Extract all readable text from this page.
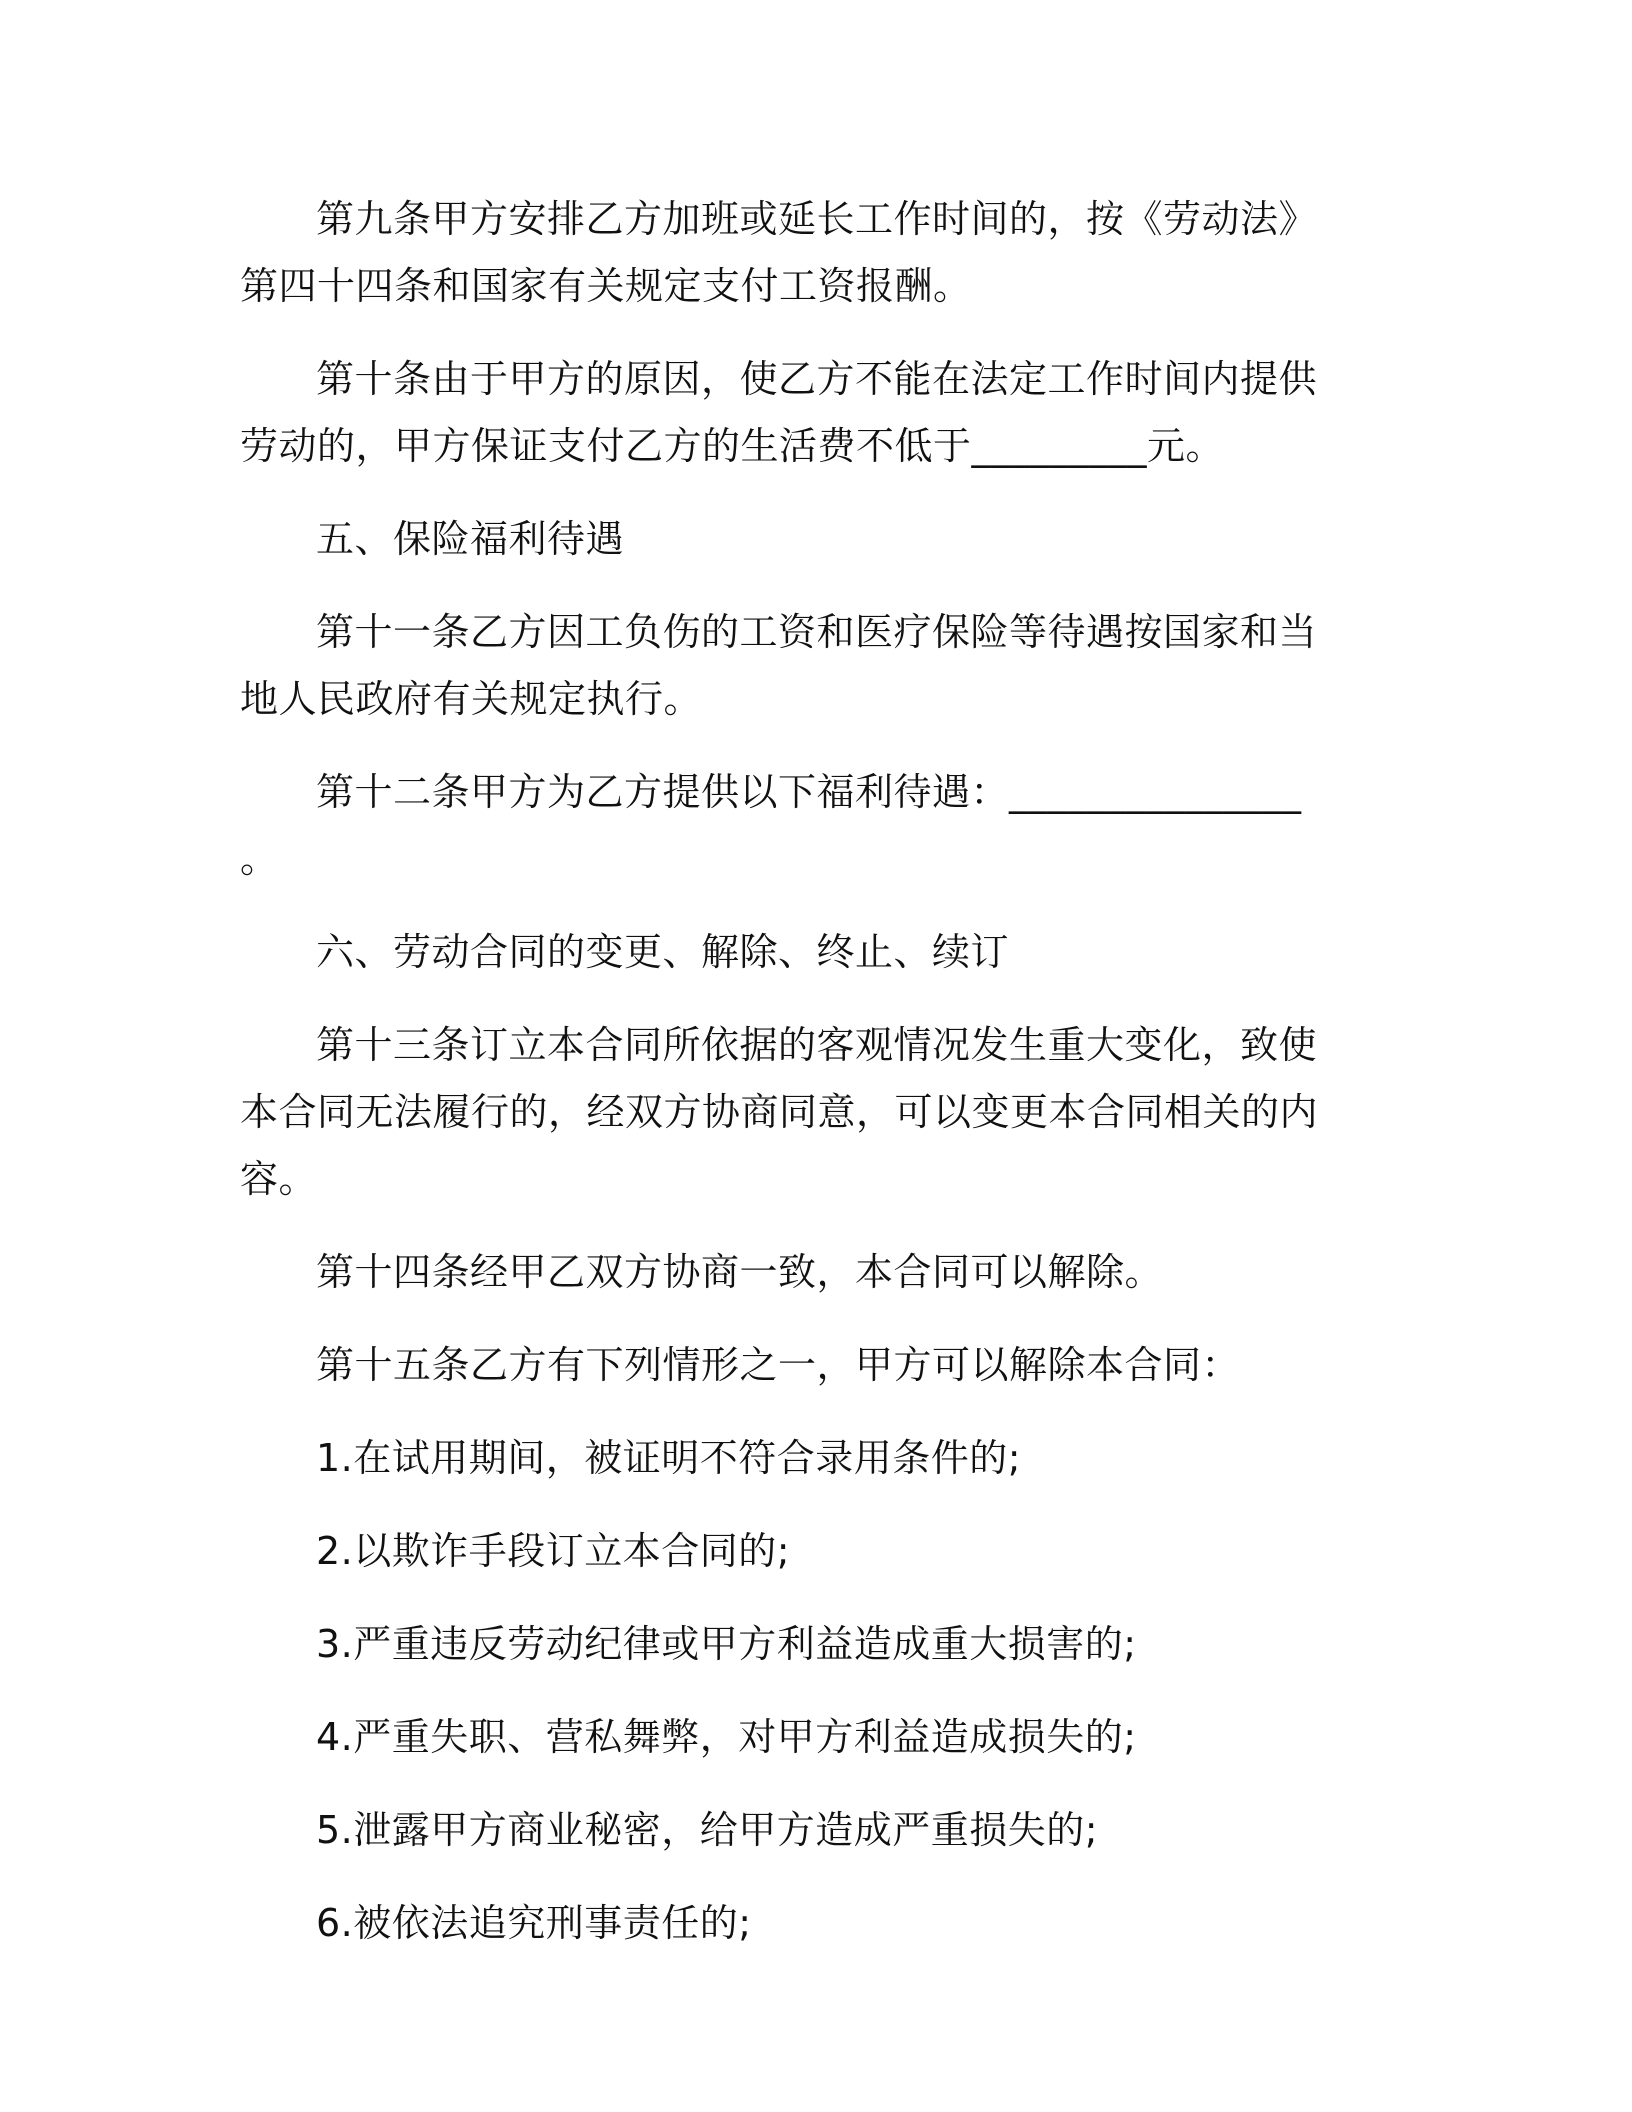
第九条甲方安排乙方加班或延长工作时间的，按《劳动法》第四十四条和国家有关规定支付工资报酬。

第十条由于甲方的原因，使乙方不能在法定工作时间内提供劳动的，甲方保证支付乙方的生活费不低于_________元。

五、保险福利待遇

第十一条乙方因工负伤的工资和医疗保险等待遇按国家和当地人民政府有关规定执行。

第十二条甲方为乙方提供以下福利待遇：_______________ 。

六、劳动合同的变更、解除、终止、续订

第十三条订立本合同所依据的客观情况发生重大变化，致使本合同无法履行的，经双方协商同意，可以变更本合同相关的内容。

第十四条经甲乙双方协商一致，本合同可以解除。

第十五条乙方有下列情形之一，甲方可以解除本合同：

1.在试用期间，被证明不符合录用条件的;

2.以欺诈手段订立本合同的;

3.严重违反劳动纪律或甲方利益造成重大损害的;

4.严重失职、营私舞弊，对甲方利益造成损失的;

5.泄露甲方商业秘密，给甲方造成严重损失的;

6.被依法追究刑事责任的;
